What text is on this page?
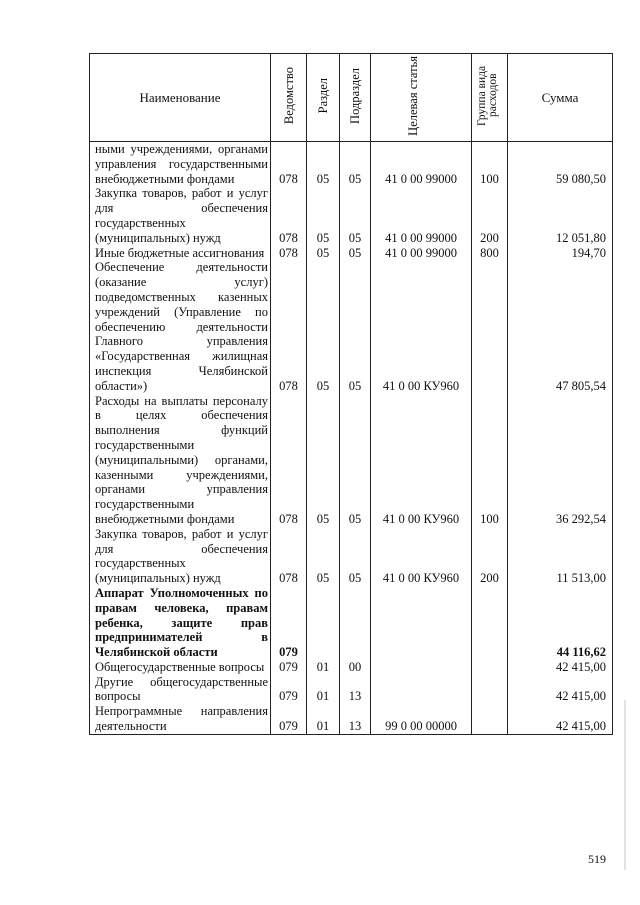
Наименование	Ведомство	Раздел	Подраздел	Целевая статья	Группа вида расходов	Сумма
ными учреждениями, органами управления государственными внебюджетными фондами	078	05	05	41 0 00 99000	100	59 080,50
Закупка товаров, работ и услуг для обеспечения государственных (муниципальных) нужд	078	05	05	41 0 00 99000	200	12 051,80
Иные бюджетные ассигнования	078	05	05	41 0 00 99000	800	194,70
Обеспечение деятельности (оказание услуг) подведомственных казенных учреждений (Управление по обеспечению деятельности Главного управления «Государственная жилищная инспекция Челябинской области»)	078	05	05	41 0 00 КУ960		47 805,54
Расходы на выплаты персоналу в целях обеспечения выполнения функций государственными (муниципальными) органами, казенными учреждениями, органами управления государственными внебюджетными фондами	078	05	05	41 0 00 КУ960	100	36 292,54
Закупка товаров, работ и услуг для обеспечения государственных (муниципальных) нужд	078	05	05	41 0 00 КУ960	200	11 513,00
Аппарат Уполномоченных по правам человека, правам ребенка, защите прав предпринимателей в Челябинской области	079					44 116,62
Общегосударственные вопросы	079	01	00			42 415,00
Другие общегосударственные вопросы	079	01	13			42 415,00
Непрограммные направления деятельности	079	01	13	99 0 00 00000		42 415,00
519
